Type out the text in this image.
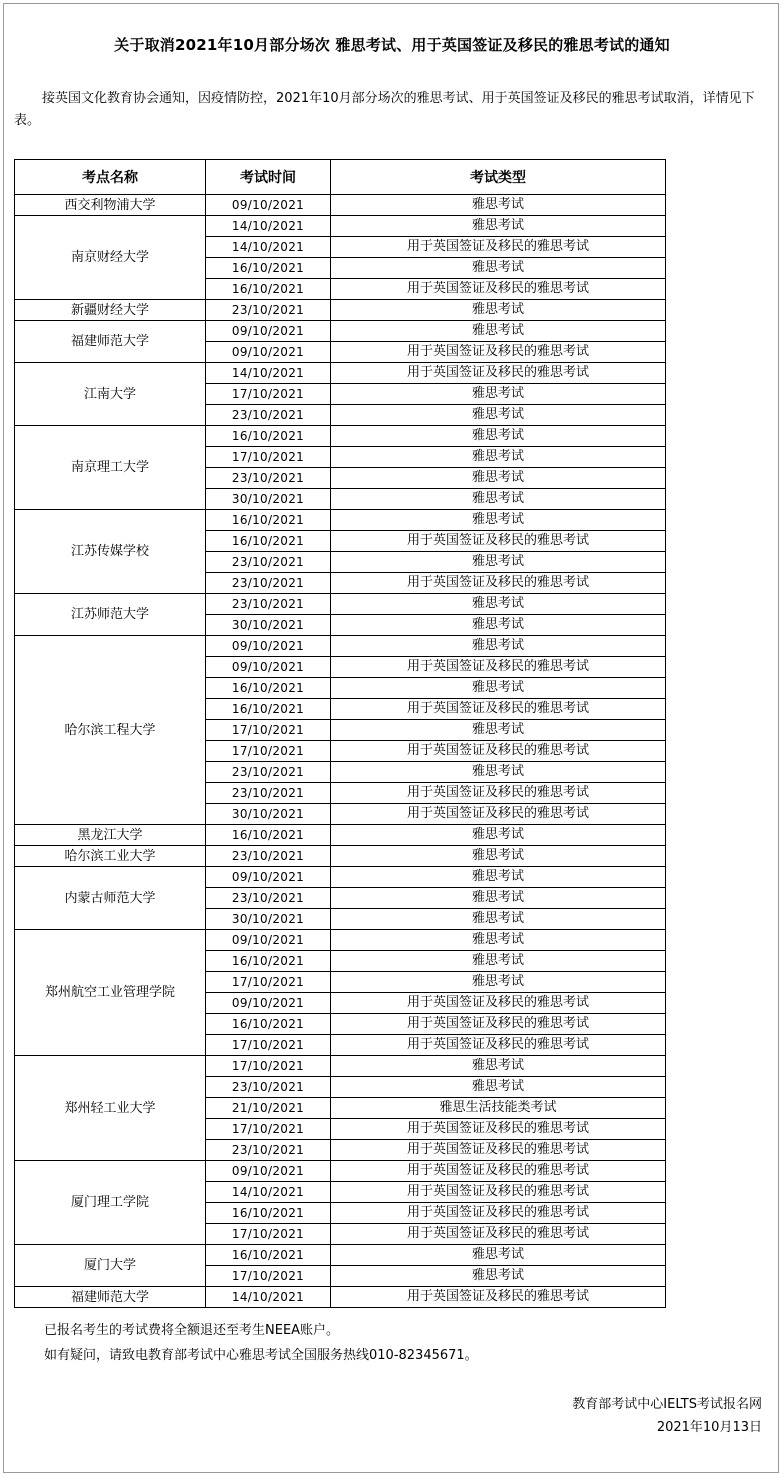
关于取消2021年10月部分场次 雅思考试、用于英国签证及移民的雅思考试的通知
接英国文化教育协会通知，因疫情防控，2021年10月部分场次的雅思考试、用于英国签证及移民的雅思考试取消，详情见下表。
考点名称	考试时间	考试类型
西交利物浦大学	09/10/2021	雅思考试
南京财经大学	14/10/2021	雅思考试
	14/10/2021	用于英国签证及移民的雅思考试
	16/10/2021	雅思考试
	16/10/2021	用于英国签证及移民的雅思考试
新疆财经大学	23/10/2021	雅思考试
福建师范大学	09/10/2021	雅思考试
	09/10/2021	用于英国签证及移民的雅思考试
江南大学	14/10/2021	用于英国签证及移民的雅思考试
	17/10/2021	雅思考试
	23/10/2021	雅思考试
南京理工大学	16/10/2021	雅思考试
	17/10/2021	雅思考试
	23/10/2021	雅思考试
	30/10/2021	雅思考试
江苏传媒学校	16/10/2021	雅思考试
	16/10/2021	用于英国签证及移民的雅思考试
	23/10/2021	雅思考试
	23/10/2021	用于英国签证及移民的雅思考试
江苏师范大学	23/10/2021	雅思考试
	30/10/2021	雅思考试
哈尔滨工程大学	09/10/2021	雅思考试
	09/10/2021	用于英国签证及移民的雅思考试
	16/10/2021	雅思考试
	16/10/2021	用于英国签证及移民的雅思考试
	17/10/2021	雅思考试
	17/10/2021	用于英国签证及移民的雅思考试
	23/10/2021	雅思考试
	23/10/2021	用于英国签证及移民的雅思考试
	30/10/2021	用于英国签证及移民的雅思考试
黑龙江大学	16/10/2021	雅思考试
哈尔滨工业大学	23/10/2021	雅思考试
内蒙古师范大学	09/10/2021	雅思考试
	23/10/2021	雅思考试
	30/10/2021	雅思考试
郑州航空工业管理学院	09/10/2021	雅思考试
	16/10/2021	雅思考试
	17/10/2021	雅思考试
	09/10/2021	用于英国签证及移民的雅思考试
	16/10/2021	用于英国签证及移民的雅思考试
	17/10/2021	用于英国签证及移民的雅思考试
郑州轻工业大学	17/10/2021	雅思考试
	23/10/2021	雅思考试
	21/10/2021	雅思生活技能类考试
	17/10/2021	用于英国签证及移民的雅思考试
	23/10/2021	用于英国签证及移民的雅思考试
厦门理工学院	09/10/2021	用于英国签证及移民的雅思考试
	14/10/2021	用于英国签证及移民的雅思考试
	16/10/2021	用于英国签证及移民的雅思考试
	17/10/2021	用于英国签证及移民的雅思考试
厦门大学	16/10/2021	雅思考试
	17/10/2021	雅思考试
福建师范大学	14/10/2021	用于英国签证及移民的雅思考试
已报名考生的考试费将全额退还至考生NEEA账户。
如有疑问，请致电教育部考试中心雅思考试全国服务热线010-82345671。
教育部考试中心IELTS考试报名网
2021年10月13日
